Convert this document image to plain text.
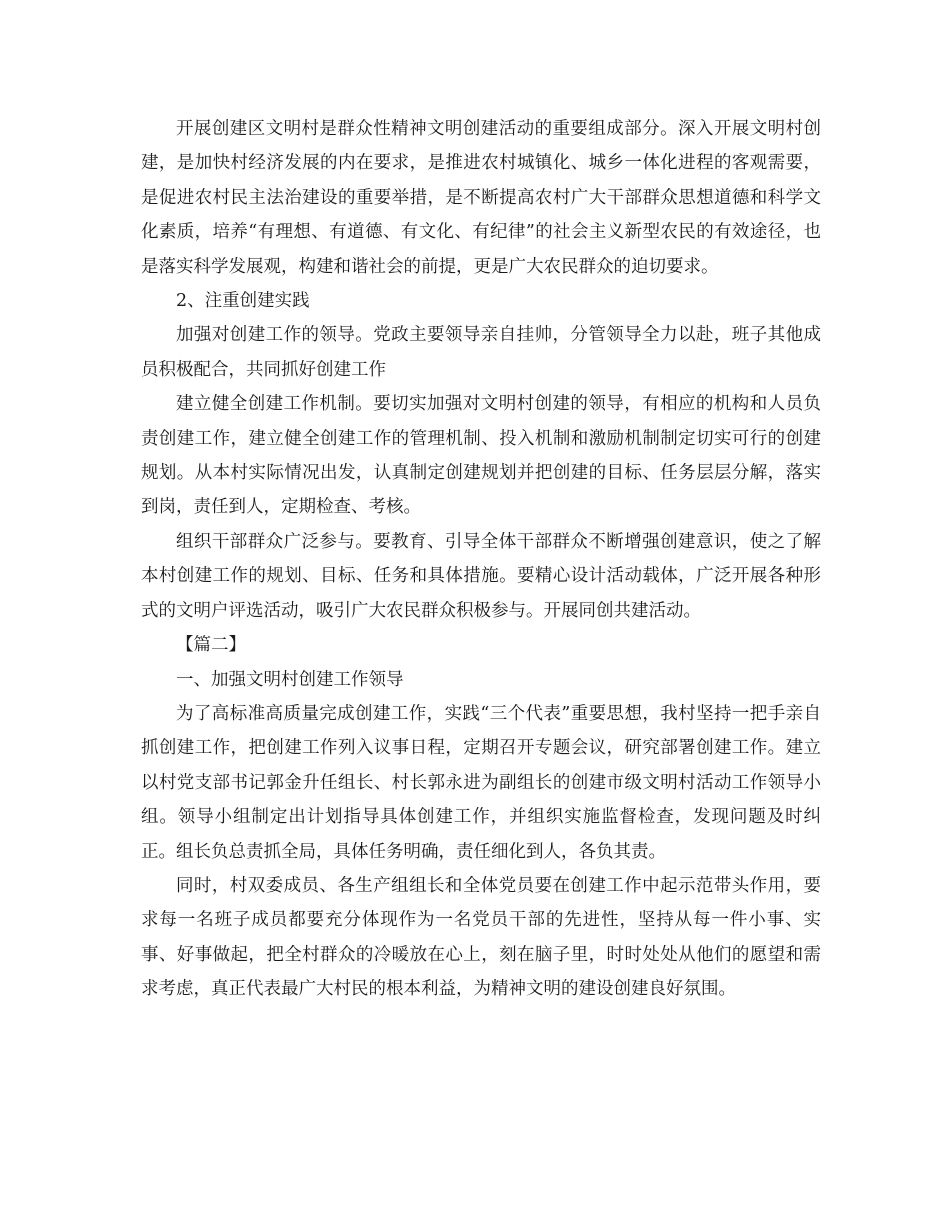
开展创建区文明村是群众性精神文明创建活动的重要组成部分。深入开展文明村创建，是加快村经济发展的内在要求，是推进农村城镇化、城乡一体化进程的客观需要，是促进农村民主法治建设的重要举措，是不断提高农村广大干部群众思想道德和科学文化素质，培养“有理想、有道德、有文化、有纪律”的社会主义新型农民的有效途径，也是落实科学发展观，构建和谐社会的前提，更是广大农民群众的迫切要求。

2、注重创建实践

加强对创建工作的领导。党政主要领导亲自挂帅，分管领导全力以赴，班子其他成员积极配合，共同抓好创建工作

建立健全创建工作机制。要切实加强对文明村创建的领导，有相应的机构和人员负责创建工作，建立健全创建工作的管理机制、投入机制和激励机制制定切实可行的创建规划。从本村实际情况出发，认真制定创建规划并把创建的目标、任务层层分解，落实到岗，责任到人，定期检查、考核。

组织干部群众广泛参与。要教育、引导全体干部群众不断增强创建意识，使之了解本村创建工作的规划、目标、任务和具体措施。要精心设计活动载体，广泛开展各种形式的文明户评选活动，吸引广大农民群众积极参与。开展同创共建活动。

【篇二】

一、加强文明村创建工作领导

为了高标准高质量完成创建工作，实践“三个代表”重要思想，我村坚持一把手亲自抓创建工作，把创建工作列入议事日程，定期召开专题会议，研究部署创建工作。建立以村党支部书记郭金升任组长、村长郭永进为副组长的创建市级文明村活动工作领导小组。领导小组制定出计划指导具体创建工作，并组织实施监督检查，发现问题及时纠正。组长负总责抓全局，具体任务明确，责任细化到人，各负其责。

同时，村双委成员、各生产组组长和全体党员要在创建工作中起示范带头作用，要求每一名班子成员都要充分体现作为一名党员干部的先进性，坚持从每一件小事、实事、好事做起，把全村群众的冷暖放在心上，刻在脑子里，时时处处从他们的愿望和需求考虑，真正代表最广大村民的根本利益，为精神文明的建设创建良好氛围。
